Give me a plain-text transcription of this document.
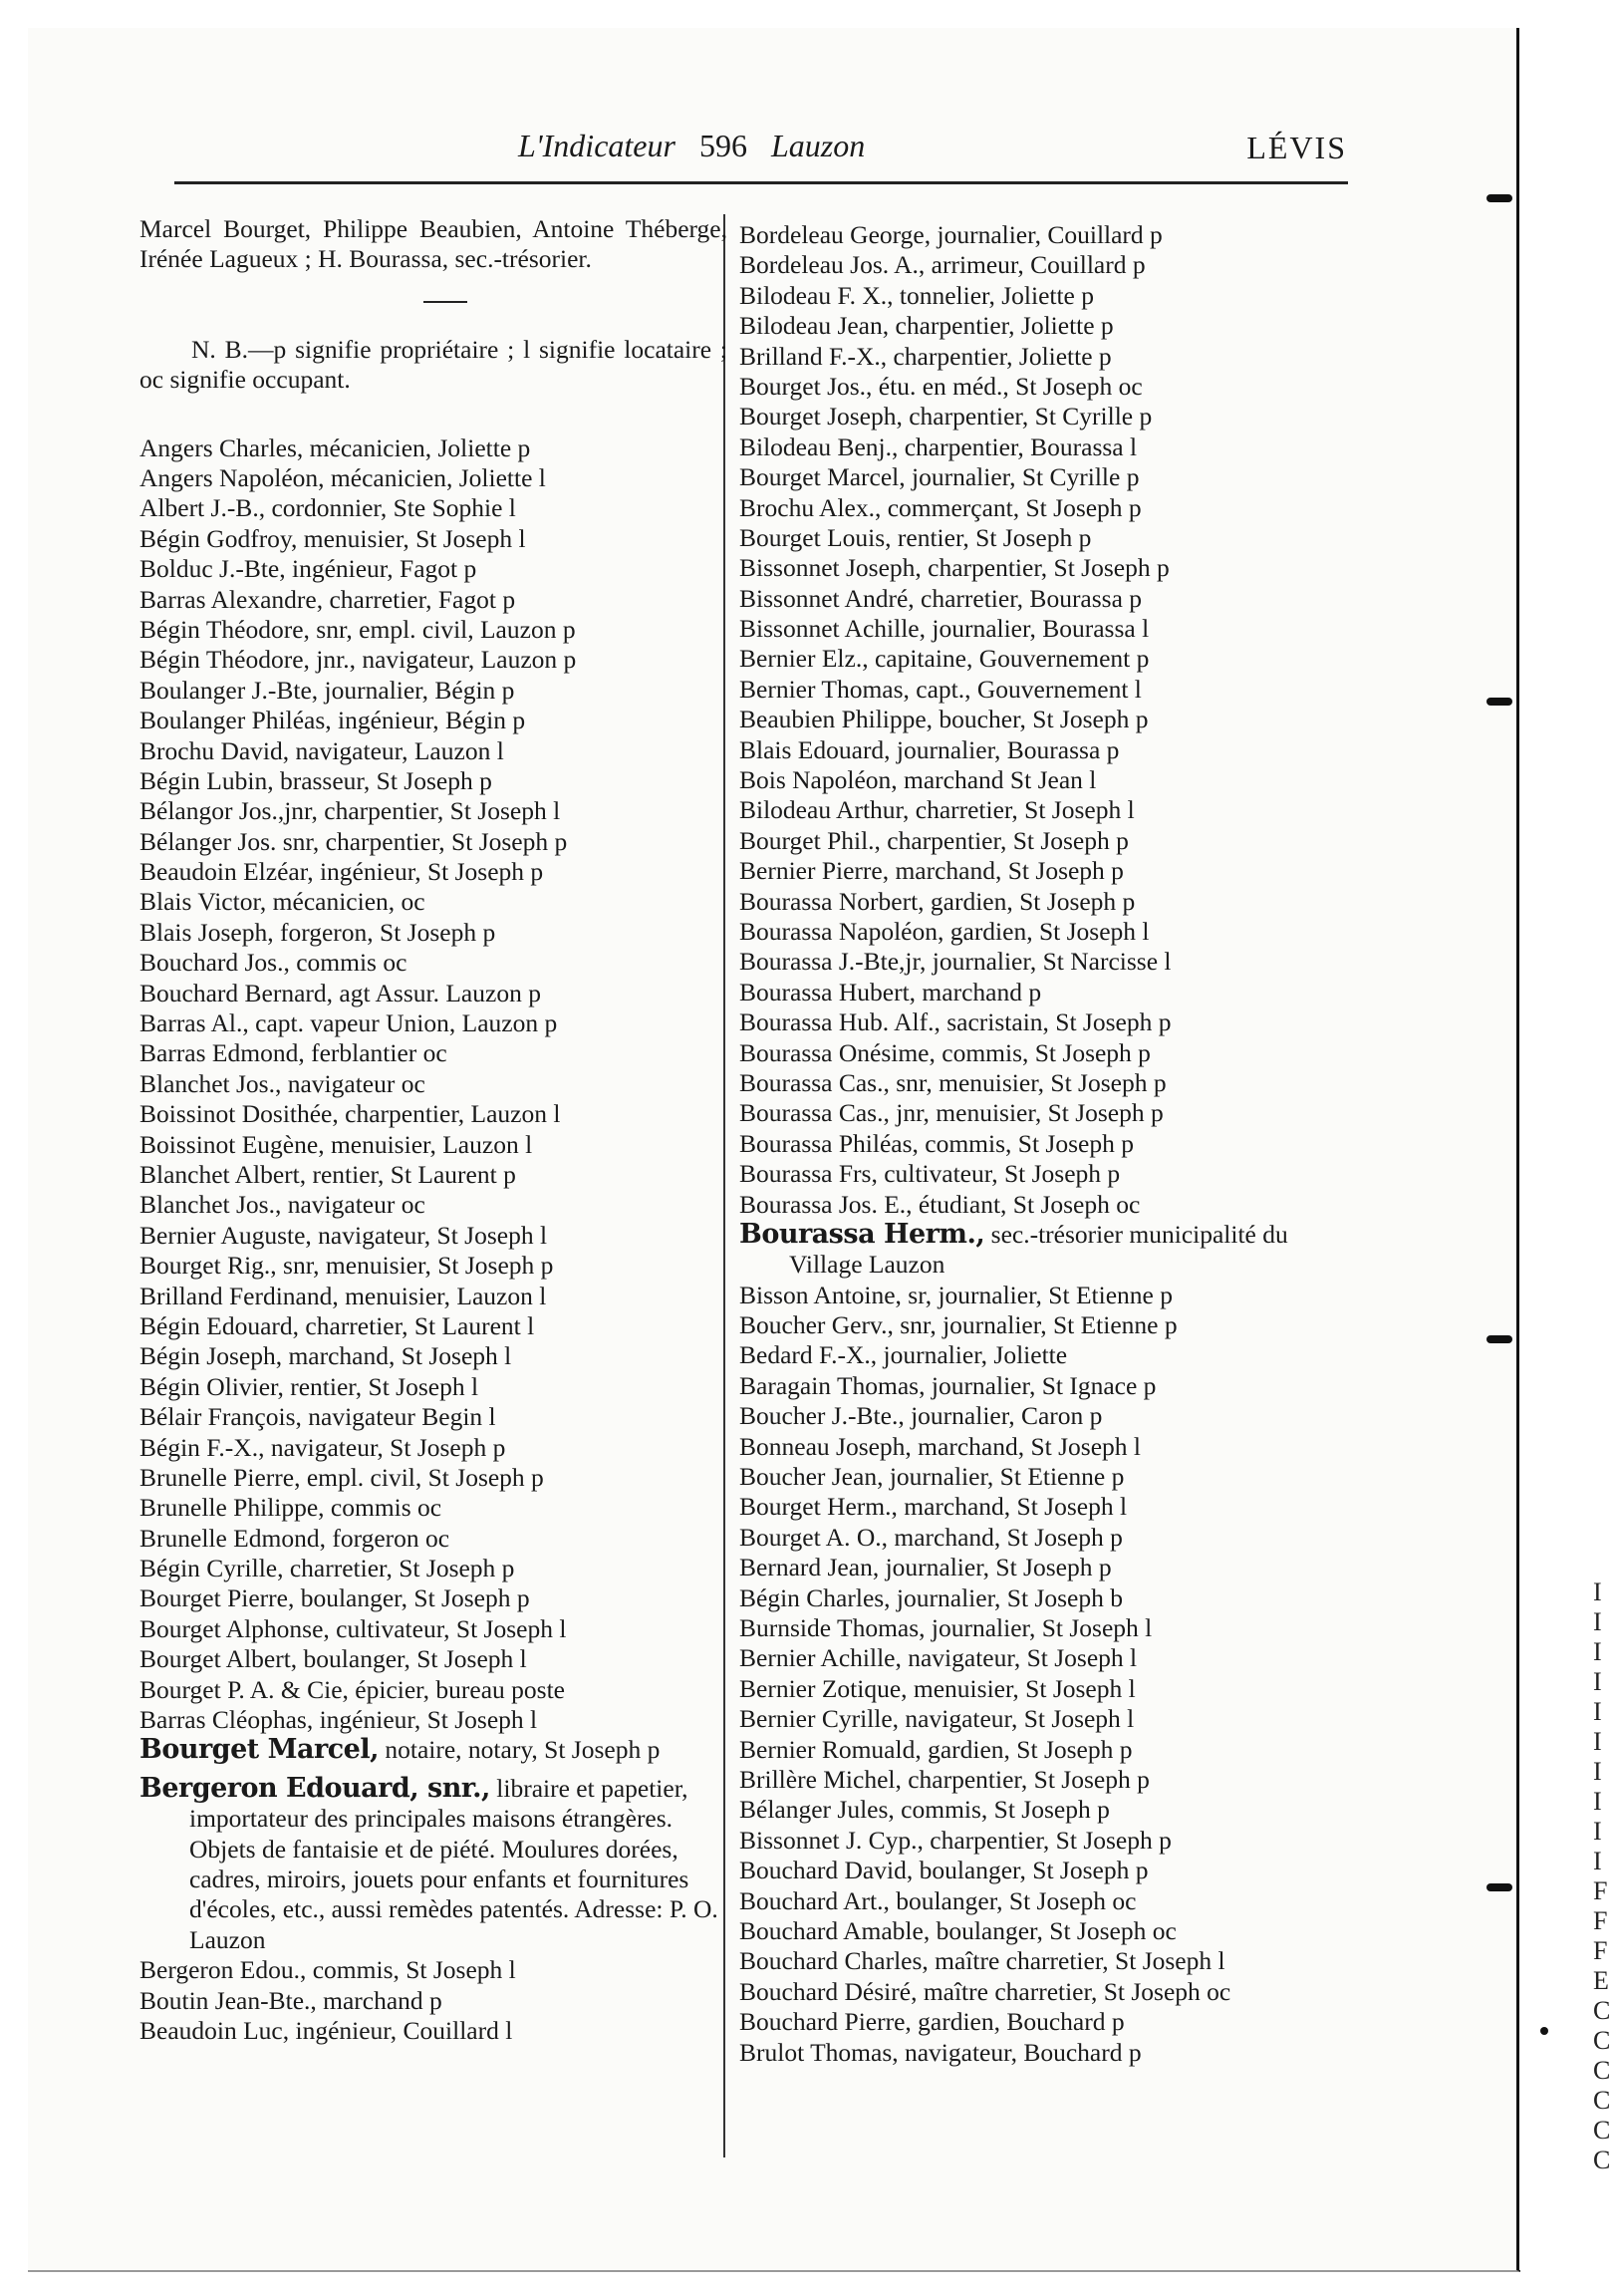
I
I
I
I
I
I
I
I
I
I
F
F
F
E
C
C
C
C
C
C
L'Indicateur 596 Lauzon	LÉVIS
Marcel Bourget, Philippe Beaubien, Antoine Théberge, Irénée Lagueux ; H. Bourassa, sec.-trésorier.
N. B.—p signifie propriétaire ; l signifie locataire ; oc signifie occupant.
Angers Charles, mécanicien, Joliette p
Angers Napoléon, mécanicien, Joliette l
Albert J.-B., cordonnier, Ste Sophie l
Bégin Godfroy, menuisier, St Joseph l
Bolduc J.-Bte, ingénieur, Fagot p
Barras Alexandre, charretier, Fagot p
Bégin Théodore, snr, empl. civil, Lauzon p
Bégin Théodore, jnr., navigateur, Lauzon p
Boulanger J.-Bte, journalier, Bégin p
Boulanger Philéas, ingénieur, Bégin p
Brochu David, navigateur, Lauzon l
Bégin Lubin, brasseur, St Joseph p
Bélangor Jos.,jnr, charpentier, St Joseph l
Bélanger Jos. snr, charpentier, St Joseph p
Beaudoin Elzéar, ingénieur, St Joseph p
Blais Victor, mécanicien, oc
Blais Joseph, forgeron, St Joseph p
Bouchard Jos., commis oc
Bouchard Bernard, agt Assur. Lauzon p
Barras Al., capt. vapeur Union, Lauzon p
Barras Edmond, ferblantier oc
Blanchet Jos., navigateur oc
Boissinot Dosithée, charpentier, Lauzon l
Boissinot Eugène, menuisier, Lauzon l
Blanchet Albert, rentier, St Laurent p
Blanchet Jos., navigateur oc
Bernier Auguste, navigateur, St Joseph l
Bourget Rig., snr, menuisier, St Joseph p
Brilland Ferdinand, menuisier, Lauzon l
Bégin Edouard, charretier, St Laurent l
Bégin Joseph, marchand, St Joseph l
Bégin Olivier, rentier, St Joseph l
Bélair François, navigateur Begin l
Bégin F.-X., navigateur, St Joseph p
Brunelle Pierre, empl. civil, St Joseph p
Brunelle Philippe, commis oc
Brunelle Edmond, forgeron oc
Bégin Cyrille, charretier, St Joseph p
Bourget Pierre, boulanger, St Joseph p
Bourget Alphonse, cultivateur, St Joseph l
Bourget Albert, boulanger, St Joseph l
Bourget P. A. & Cie, épicier, bureau poste
Barras Cléophas, ingénieur, St Joseph l
Bourget Marcel, notaire, notary, St Joseph p
Bergeron Edouard, snr., libraire et papetier, importateur des principales maisons étrangères. Objets de fantaisie et de piété. Moulures dorées, cadres, miroirs, jouets pour enfants et fournitures d'écoles, etc., aussi remèdes patentés. Adresse: P. O. Lauzon
Bergeron Edou., commis, St Joseph l
Boutin Jean-Bte., marchand p
Beaudoin Luc, ingénieur, Couillard l
Bordeleau George, journalier, Couillard p
Bordeleau Jos. A., arrimeur, Couillard p
Bilodeau F. X., tonnelier, Joliette p
Bilodeau Jean, charpentier, Joliette p
Brilland F.-X., charpentier, Joliette p
Bourget Jos., étu. en méd., St Joseph oc
Bourget Joseph, charpentier, St Cyrille p
Bilodeau Benj., charpentier, Bourassa l
Bourget Marcel, journalier, St Cyrille p
Brochu Alex., commerçant, St Joseph p
Bourget Louis, rentier, St Joseph p
Bissonnet Joseph, charpentier, St Joseph p
Bissonnet André, charretier, Bourassa p
Bissonnet Achille, journalier, Bourassa l
Bernier Elz., capitaine, Gouvernement p
Bernier Thomas, capt., Gouvernement l
Beaubien Philippe, boucher, St Joseph p
Blais Edouard, journalier, Bourassa p
Bois Napoléon, marchand St Jean l
Bilodeau Arthur, charretier, St Joseph l
Bourget Phil., charpentier, St Joseph p
Bernier Pierre, marchand, St Joseph p
Bourassa Norbert, gardien, St Joseph p
Bourassa Napoléon, gardien, St Joseph l
Bourassa J.-Bte,jr, journalier, St Narcisse l
Bourassa Hubert, marchand p
Bourassa Hub. Alf., sacristain, St Joseph p
Bourassa Onésime, commis, St Joseph p
Bourassa Cas., snr, menuisier, St Joseph p
Bourassa Cas., jnr, menuisier, St Joseph p
Bourassa Philéas, commis, St Joseph p
Bourassa Frs, cultivateur, St Joseph p
Bourassa Jos. E., étudiant, St Joseph oc
Bourassa Herm., sec.-trésorier municipalité du Village Lauzon
Bisson Antoine, sr, journalier, St Etienne p
Boucher Gerv., snr, journalier, St Etienne p
Bedard F.-X., journalier, Joliette
Baragain Thomas, journalier, St Ignace p
Boucher J.-Bte., journalier, Caron p
Bonneau Joseph, marchand, St Joseph l
Boucher Jean, journalier, St Etienne p
Bourget Herm., marchand, St Joseph l
Bourget A. O., marchand, St Joseph p
Bernard Jean, journalier, St Joseph p
Bégin Charles, journalier, St Joseph b
Burnside Thomas, journalier, St Joseph l
Bernier Achille, navigateur, St Joseph l
Bernier Zotique, menuisier, St Joseph l
Bernier Cyrille, navigateur, St Joseph l
Bernier Romuald, gardien, St Joseph p
Brillère Michel, charpentier, St Joseph p
Bélanger Jules, commis, St Joseph p
Bissonnet J. Cyp., charpentier, St Joseph p
Bouchard David, boulanger, St Joseph p
Bouchard Art., boulanger, St Joseph oc
Bouchard Amable, boulanger, St Joseph oc
Bouchard Charles, maître charretier, St Joseph l
Bouchard Désiré, maître charretier, St Joseph oc
Bouchard Pierre, gardien, Bouchard p
Brulot Thomas, navigateur, Bouchard p
